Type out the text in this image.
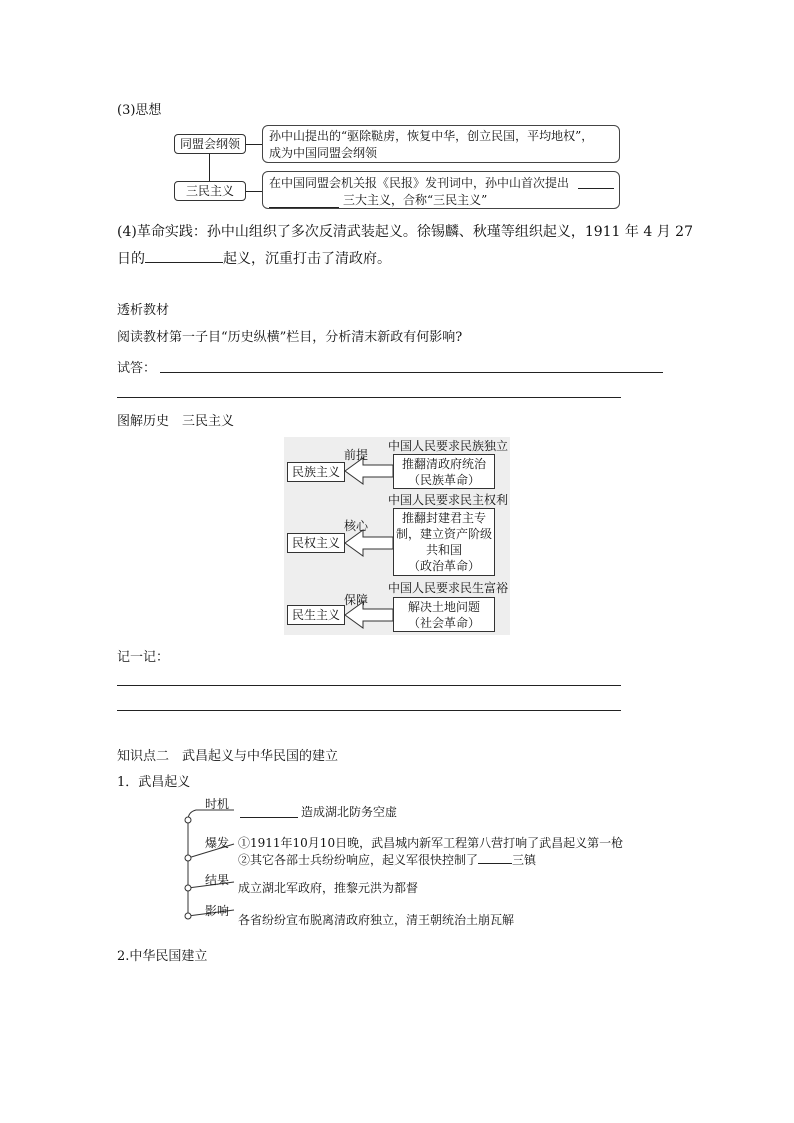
(3)思想
同盟会纲领
孙中山提出的“驱除鞑虏，恢复中华，创立民国，平均地权”，
成为中国同盟会纲领
三民主义
在中国同盟会机关报《民报》发刊词中，孙中山首次提出
三大主义，合称“三民主义”
(4)革命实践：孙中山组织了多次反清武装起义。徐锡麟、秋瑾等组织起义，1911 年 4 月 27
日的	起义，沉重打击了清政府。
透析教材
阅读教材第一子目“历史纵横”栏目，分析清末新政有何影响?
试答：
图解历史　三民主义
民族主义
前提
中国人民要求民族独立
推翻清政府统治
（民族革命）
民权主义
核心
中国人民要求民主权利
推翻封建君主专
制，建立资产阶级
共和国
（政治革命）
民生主义
保障
中国人民要求民生富裕
解决土地问题
（社会革命）
记一记：
知识点二　武昌起义与中华民国的建立
1．武昌起义
时机
造成湖北防务空虚
爆发 ①1911年10月10日晚，武昌城内新军工程第八营打响了武昌起义第一枪
②其它各部士兵纷纷响应，起义军很快控制了	三镇
结果
成立湖北军政府，推黎元洪为都督
影响
各省纷纷宣布脱离清政府独立，清王朝统治土崩瓦解
2.中华民国建立
